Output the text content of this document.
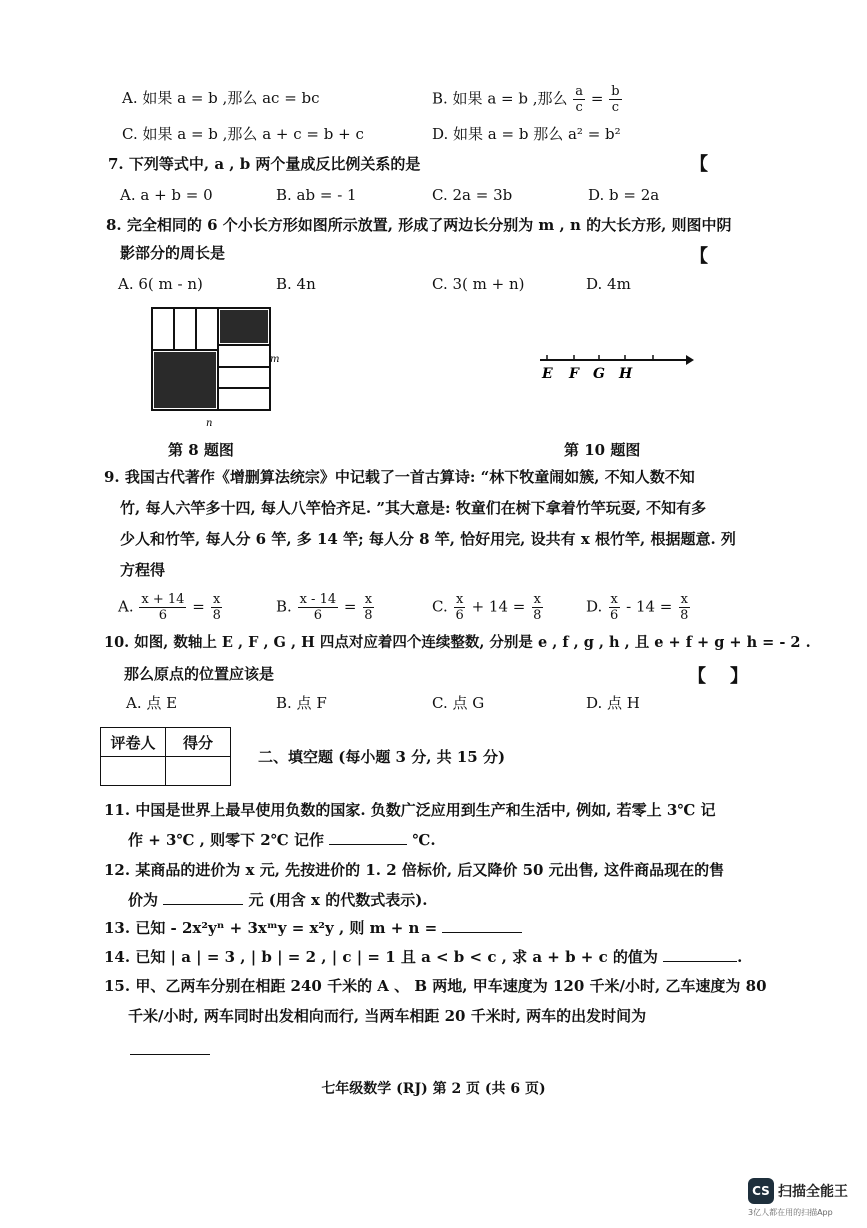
A. 如果 a = b ,那么 ac = bc	B. 如果 a = b ,那么 $\frac{a}{c} = \frac{b}{c}$
C. 如果 a = b ,那么 a + c = b + c	D. 如果 a = b 那么 a² = b²
7. 下列等式中, a , b 两个量成反比例关系的是	【
A. a + b = 0	B. ab = - 1	C. 2a = 3b	D. b = 2a
8. 完全相同的 6 个小长方形如图所示放置, 形成了两边长分别为 m , n 的大长方形, 则图中阴
影部分的周长是	【
A. 6( m - n)	B. 4n	C. 3( m + n)	D. 4m
m
n
第 8 题图
E F G H
第 10 题图
9. 我国古代著作《增删算法统宗》中记载了一首古算诗: “林下牧童闹如簇, 不知人数不知
竹, 每人六竿多十四, 每人八竿恰齐足. ”其大意是: 牧童们在树下拿着竹竿玩耍, 不知有多
少人和竹竿, 每人分 6 竿, 多 14 竿; 每人分 8 竿, 恰好用完, 设共有 x 根竹竿, 根据题意. 列
方程得
A. $\frac{x + 14}{6} = \frac{x}{8}$	B. $\frac{x - 14}{6} = \frac{x}{8}$	C. $\frac{x}{6} + 14 = \frac{x}{8}$	D. $\frac{x}{6} - 14 = \frac{x}{8}$
10. 如图, 数轴上 E , F , G , H 四点对应着四个连续整数, 分别是 e , f , g , h , 且 e + f + g + h = - 2 .
那么原点的位置应该是	【 】
A. 点 E	B. 点 F	C. 点 G	D. 点 H
评卷人	得分

二、填空题 (每小题 3 分, 共 15 分)
11. 中国是世界上最早使用负数的国家. 负数广泛应用到生产和生活中, 例如, 若零上 3℃ 记
作 + 3℃ , 则零下 2℃ 记作	℃.
12. 某商品的进价为 x 元, 先按进价的 1. 2 倍标价, 后又降价 50 元出售, 这件商品现在的售
价为	元 (用含 x 的代数式表示).
13. 已知 - 2x²yⁿ + 3xᵐy = x²y , 则 m + n =
14. 已知 | a | = 3 , | b | = 2 , | c | = 1 且 a < b < c , 求 a + b + c 的值为	.
15. 甲、乙两车分别在相距 240 千米的 A 、 B 两地, 甲车速度为 120 千米/小时, 乙车速度为 80
千米/小时, 两车同时出发相向而行, 当两车相距 20 千米时, 两车的出发时间为
七年级数学 (RJ) 第 2 页 (共 6 页)
CS 扫描全能王
3亿人都在用的扫描App
